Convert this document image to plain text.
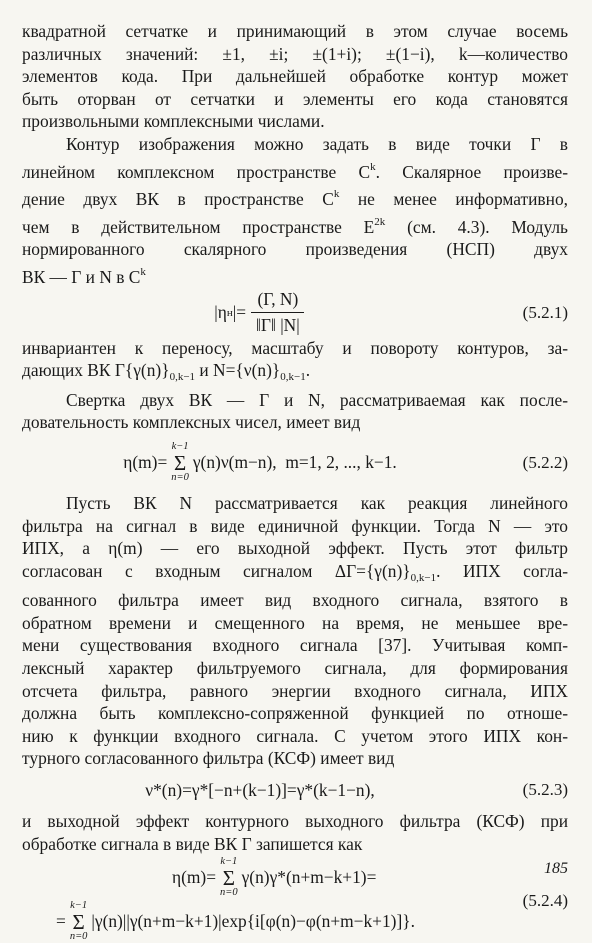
квадратной сетчатке и принимающий в этом случае восемь
различных значений: ±1, ±i; ±(1+i); ±(1−i), k—количество
элементов кода. При дальнейшей обработке контур может
быть оторван от сетчатки и элементы его кода становятся
произвольными комплексными числами.
Контур изображения можно задать в виде точки Γ в
линейном комплексном пространстве $C^k$. Скалярное произве-
дение двух ВК в пространстве $C^k$ не менее информативно,
чем в действительном пространстве $E^{2k}$ (см. 4.3). Модуль
нормированного скалярного произведения (НСП) двух
ВК — Γ и N в $C^k$
|η н |= $\frac{(\Gamma, N)}{‖\Gamma‖ |N|}$	(5.2.1)
инвариантен к переносу, масштабу и повороту контуров, за-
дающих ВК $\Gamma\{\gamma(n)\}_{0,k-1}$ и $N=\{\nu(n)\}_{0,k-1}$.
Свертка двух ВК — Γ и N, рассматриваемая как после-
довательность комплексных чисел, имеет вид
η(m)=
k−1
Σ
n=0
γ(n)ν(m−n),  m=1, 2, ..., k−1.	(5.2.2)
Пусть ВК N рассматривается как реакция линейного
фильтра на сигнал в виде единичной функции. Тогда N — это
ИПХ, а η(m) — его выходной эффект. Пусть этот фильтр
согласован с входным сигналом $\Delta\Gamma=\{\gamma(n)\}_{0,k-1}$. ИПХ согла-
сованного фильтра имеет вид входного сигнала, взятого в
обратном времени и смещенного на время, не меньшее вре-
мени существования входного сигнала [37]. Учитывая комп-
лексный характер фильтруемого сигнала, для формирования
отсчета фильтра, равного энергии входного сигнала, ИПХ
должна быть комплексно-сопряженной функцией по отноше-
нию к функции входного сигнала. С учетом этого ИПХ кон-
турного согласованного фильтра (КСФ) имеет вид
ν*(n)=γ*[−n+(k−1)]=γ*(k−1−n),	(5.2.3)
и выходной эффект контурного выходного фильтра (КСФ) при
обработке сигнала в виде ВК Γ запишется как
η(m)=
k−1
Σ
n=0
γ(n)γ*(n+m−k+1)=
=
k−1
Σ
n=0
|γ(n)||γ(n+m−k+1)|exp{i[φ(n)−φ(n+m−k+1)]}.
(5.2.4)
185
